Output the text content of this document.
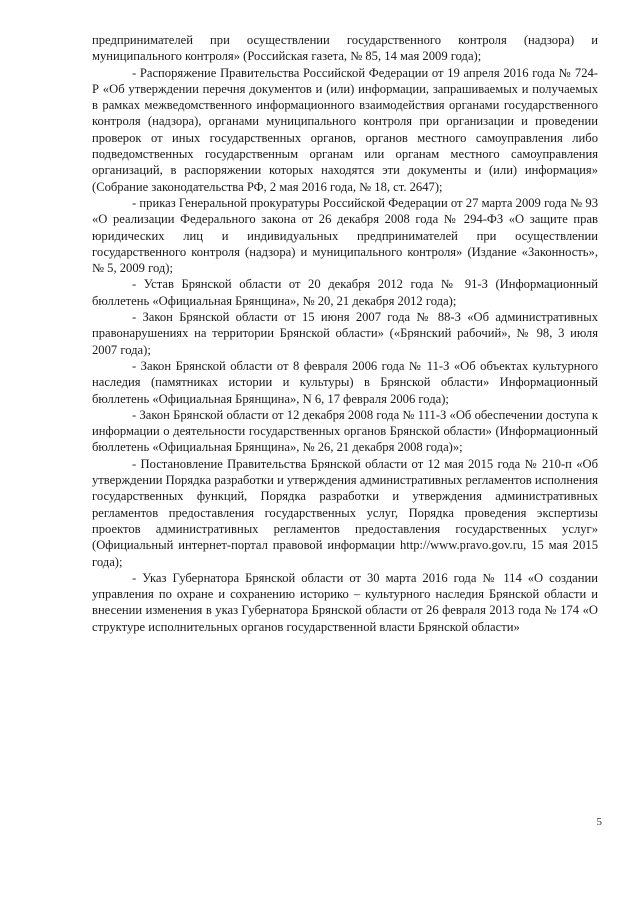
предпринимателей при осуществлении государственного контроля (надзора) и муниципального контроля» (Российская газета, № 85, 14 мая 2009 года);

- Распоряжение Правительства Российской Федерации от 19 апреля 2016 года № 724-Р «Об утверждении перечня документов и (или) информации, запрашиваемых и получаемых в рамках межведомственного информационного взаимодействия органами государственного контроля (надзора), органами муниципального контроля при организации и проведении проверок от иных государственных органов, органов местного самоуправления либо подведомственных государственным органам или органам местного самоуправления организаций, в распоряжении которых находятся эти документы и (или) информация» (Собрание законодательства РФ, 2 мая 2016 года, № 18, ст. 2647);

- приказ Генеральной прокуратуры Российской Федерации от 27 марта 2009 года № 93 «О реализации Федерального закона от 26 декабря 2008 года № 294-ФЗ «О защите прав юридических лиц и индивидуальных предпринимателей при осуществлении государственного контроля (надзора) и муниципального контроля» (Издание «Законность», № 5, 2009 год);

- Устав Брянской области от 20 декабря 2012 года № 91-З (Информационный бюллетень «Официальная Брянщина», № 20, 21 декабря 2012 года);

- Закон Брянской области от 15 июня 2007 года № 88-З «Об административных правонарушениях на территории Брянской области» («Брянский рабочий», № 98, 3 июля 2007 года);

- Закон Брянской области от 8 февраля 2006 года № 11-З «Об объектах культурного наследия (памятниках истории и культуры) в Брянской области» Информационный бюллетень «Официальная Брянщина», N 6, 17 февраля 2006 года);

- Закон Брянской области от 12 декабря 2008 года № 111-З «Об обеспечении доступа к информации о деятельности государственных органов Брянской области» (Информационный бюллетень «Официальная Брянщина», № 26, 21 декабря 2008 года)»;

- Постановление Правительства Брянской области от 12 мая 2015 года № 210-п «Об утверждении Порядка разработки и утверждения административных регламентов исполнения государственных функций, Порядка разработки и утверждения административных регламентов предоставления государственных услуг, Порядка проведения экспертизы проектов административных регламентов предоставления государственных услуг» (Официальный интернет-портал правовой информации http://www.pravo.gov.ru, 15 мая 2015 года);

- Указ Губернатора Брянской области от 30 марта 2016 года № 114 «О создании управления по охране и сохранению историко – культурного наследия Брянской области и внесении изменения в указ Губернатора Брянской области от 26 февраля 2013 года № 174 «О структуре исполнительных органов государственной власти Брянской области»

5
